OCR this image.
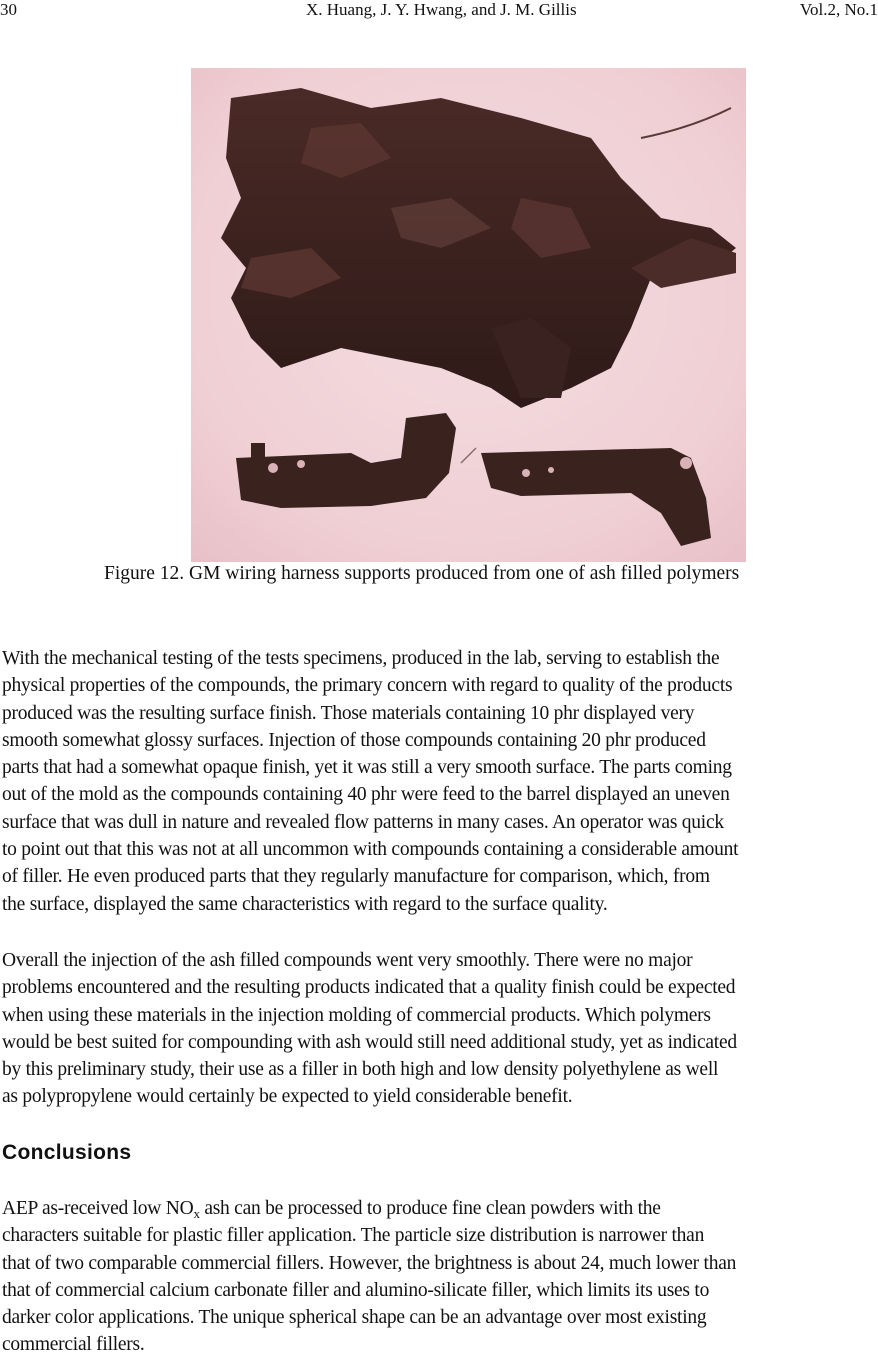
30	X. Huang, J. Y. Hwang, and J. M. Gillis	Vol.2, No.1
Figure 12. GM wiring harness supports produced from one of ash filled polymers
With the mechanical testing of the tests specimens, produced in the lab, serving to establish the
physical properties of the compounds, the primary concern with regard to quality of the products
produced was the resulting surface finish. Those materials containing 10 phr displayed very
smooth somewhat glossy surfaces. Injection of those compounds containing 20 phr produced
parts that had a somewhat opaque finish, yet it was still a very smooth surface. The parts coming
out of the mold as the compounds containing 40 phr were feed to the barrel displayed an uneven
surface that was dull in nature and revealed flow patterns in many cases. An operator was quick
to point out that this was not at all uncommon with compounds containing a considerable amount
of filler. He even produced parts that they regularly manufacture for comparison, which, from
the surface, displayed the same characteristics with regard to the surface quality.
Overall the injection of the ash filled compounds went very smoothly. There were no major
problems encountered and the resulting products indicated that a quality finish could be expected
when using these materials in the injection molding of commercial products. Which polymers
would be best suited for compounding with ash would still need additional study, yet as indicated
by this preliminary study, their use as a filler in both high and low density polyethylene as well
as polypropylene would certainly be expected to yield considerable benefit.
Conclusions
AEP as-received low $NO_x$ ash can be processed to produce fine clean powders with the
characters suitable for plastic filler application. The particle size distribution is narrower than
that of two comparable commercial fillers. However, the brightness is about 24, much lower than
that of commercial calcium carbonate filler and alumino-silicate filler, which limits its uses to
darker color applications. The unique spherical shape can be an advantage over most existing
commercial fillers.
